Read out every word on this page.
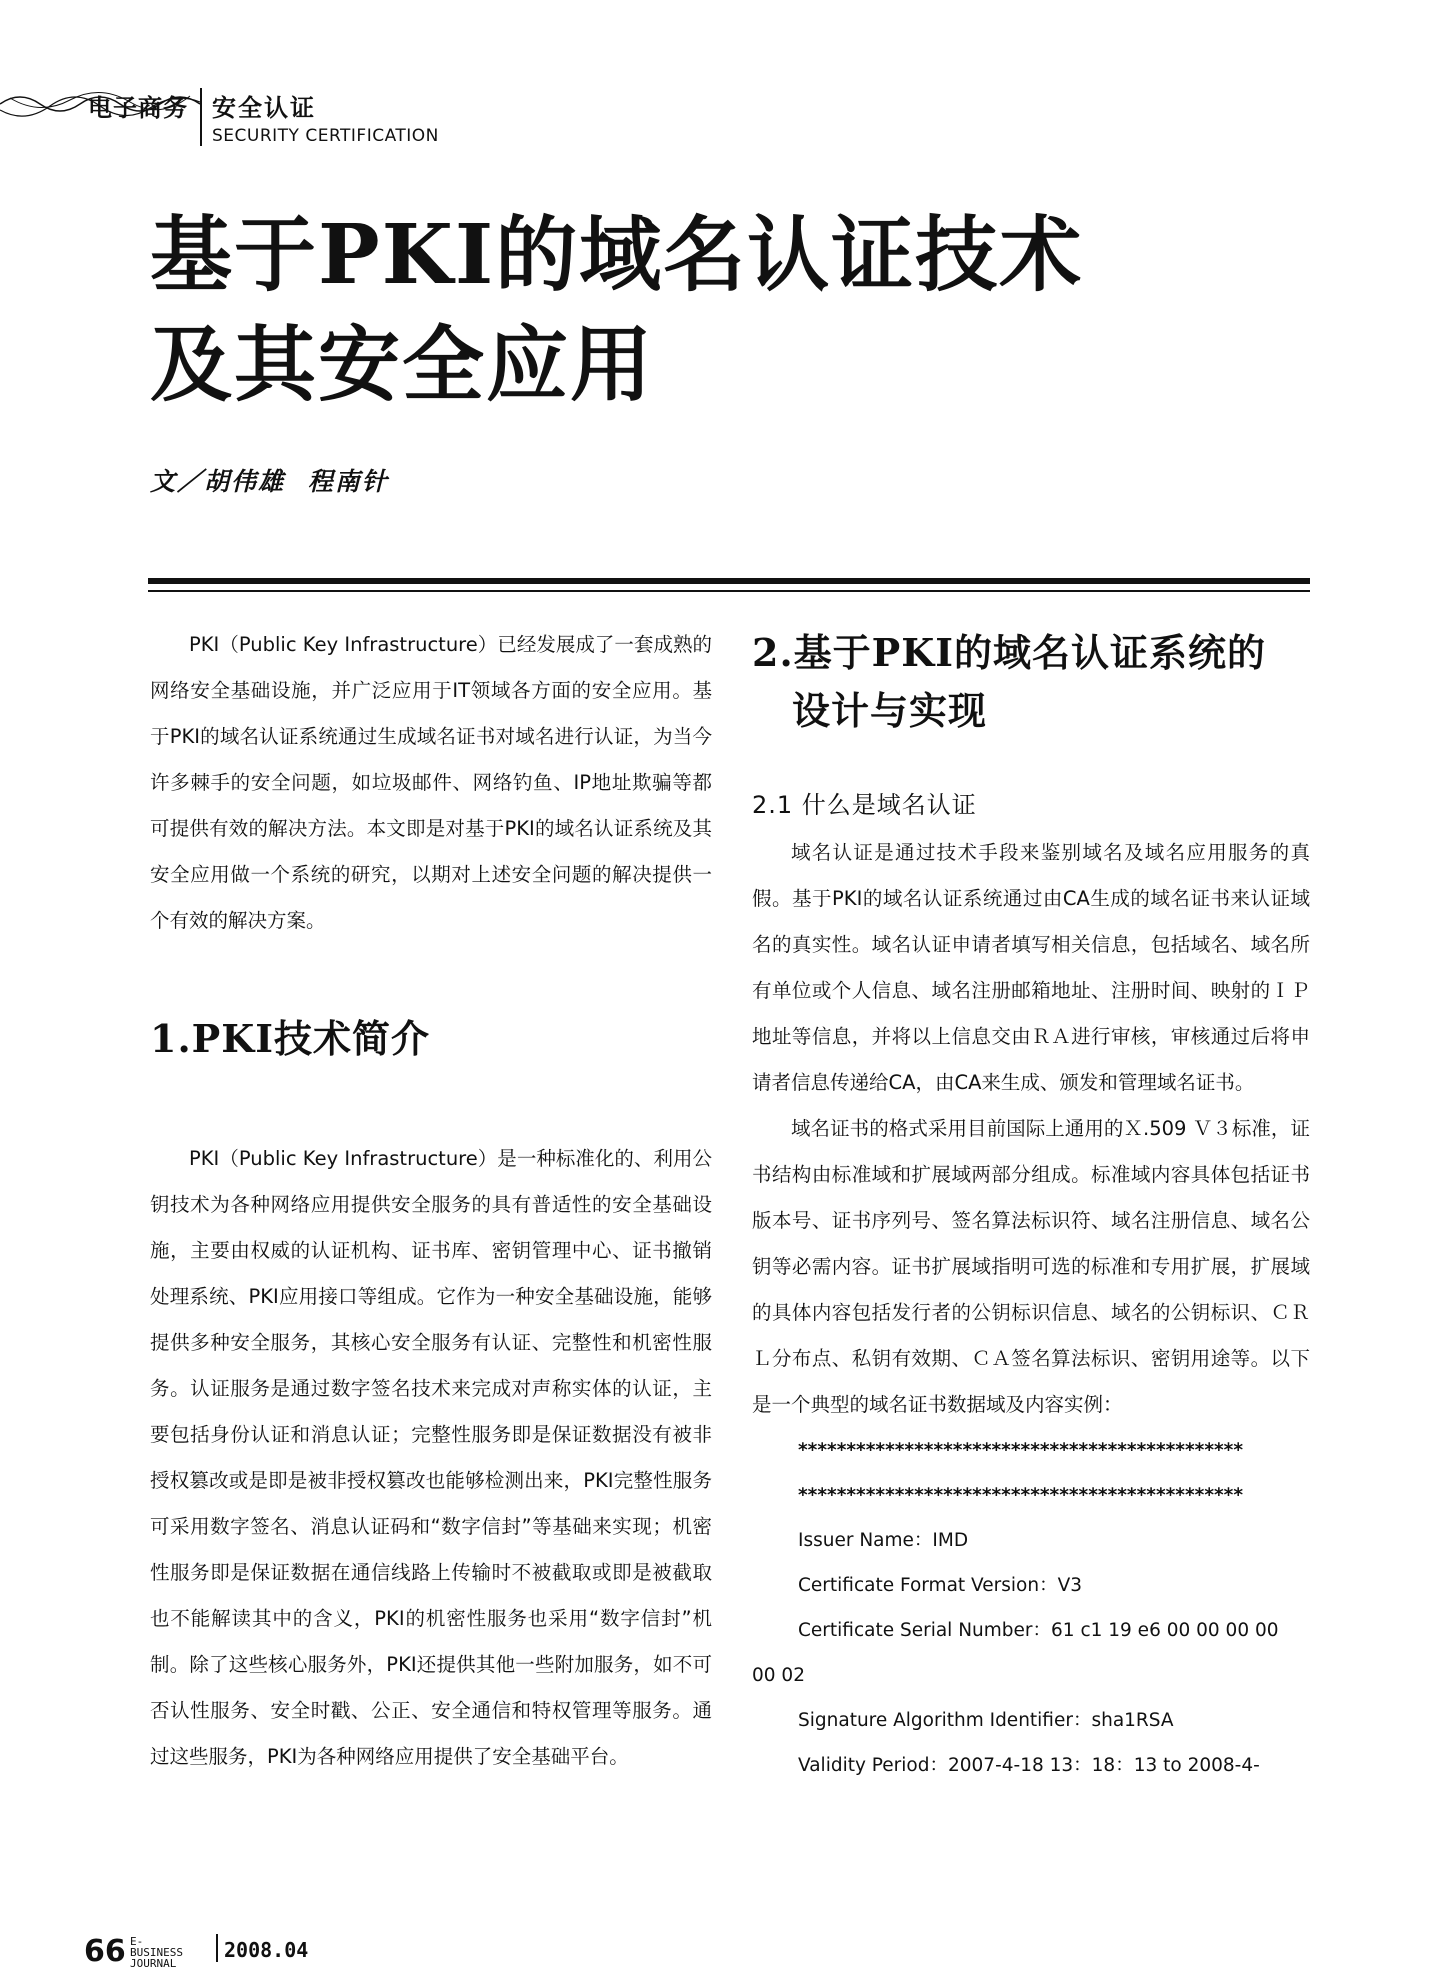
电子商务 安全认证
SECURITY CERTIFICATION
基于PKI的域名认证技术
及其安全应用
文／胡伟雄 程南针

PKI（Public Key Infrastructure）已经发展成了一套成熟的网络安全基础设施，并广泛应用于IT领域各方面的安全应用。基于PKI的域名认证系统通过生成域名证书对域名进行认证，为当今许多棘手的安全问题，如垃圾邮件、网络钓鱼、IP地址欺骗等都可提供有效的解决方法。本文即是对基于PKI的域名认证系统及其安全应用做一个系统的研究，以期对上述安全问题的解决提供一个有效的解决方案。

1.PKI技术简介

PKI（Public Key Infrastructure）是一种标准化的、利用公钥技术为各种网络应用提供安全服务的具有普适性的安全基础设施，主要由权威的认证机构、证书库、密钥管理中心、证书撤销处理系统、PKI应用接口等组成。它作为一种安全基础设施，能够提供多种安全服务，其核心安全服务有认证、完整性和机密性服务。认证服务是通过数字签名技术来完成对声称实体的认证，主要包括身份认证和消息认证；完整性服务即是保证数据没有被非授权篡改或是即是被非授权篡改也能够检测出来，PKI完整性服务可采用数字签名、消息认证码和“数字信封”等基础来实现；机密性服务即是保证数据在通信线路上传输时不被截取或即是被截取也不能解读其中的含义，PKI的机密性服务也采用“数字信封”机制。除了这些核心服务外，PKI还提供其他一些附加服务，如不可否认性服务、安全时戳、公正、安全通信和特权管理等服务。通过这些服务，PKI为各种网络应用提供了安全基础平台。

2.基于PKI的域名认证系统的
设计与实现
2.1 什么是域名认证

域名认证是通过技术手段来鉴别域名及域名应用服务的真假。基于PKI的域名认证系统通过由CA生成的域名证书来认证域名的真实性。域名认证申请者填写相关信息，包括域名、域名所有单位或个人信息、域名注册邮箱地址、注册时间、映射的ＩＰ地址等信息，并将以上信息交由ＲＡ进行审核，审核通过后将申请者信息传递给CA，由CA来生成、颁发和管理域名证书。

域名证书的格式采用目前国际上通用的Ｘ.509 Ｖ３标准，证书结构由标准域和扩展域两部分组成。标准域内容具体包括证书版本号、证书序列号、签名算法标识符、域名注册信息、域名公钥等必需内容。证书扩展域指明可选的标准和专用扩展，扩展域的具体内容包括发行者的公钥标识信息、域名的公钥标识、ＣＲＬ分布点、私钥有效期、ＣＡ签名算法标识、密钥用途等。以下是一个典型的域名证书数据域及内容实例：

**********************************************
**********************************************
Issuer Name：IMD
Certificate Format Version：V3
Certificate Serial Number：61 c1 19 e6 00 00 00 00
00 02
Signature Algorithm Identifier：sha1RSA
Validity Period：2007-4-18 13：18：13 to 2008-4-
66 E-BUSINESS
JOURNAL
2008.04
